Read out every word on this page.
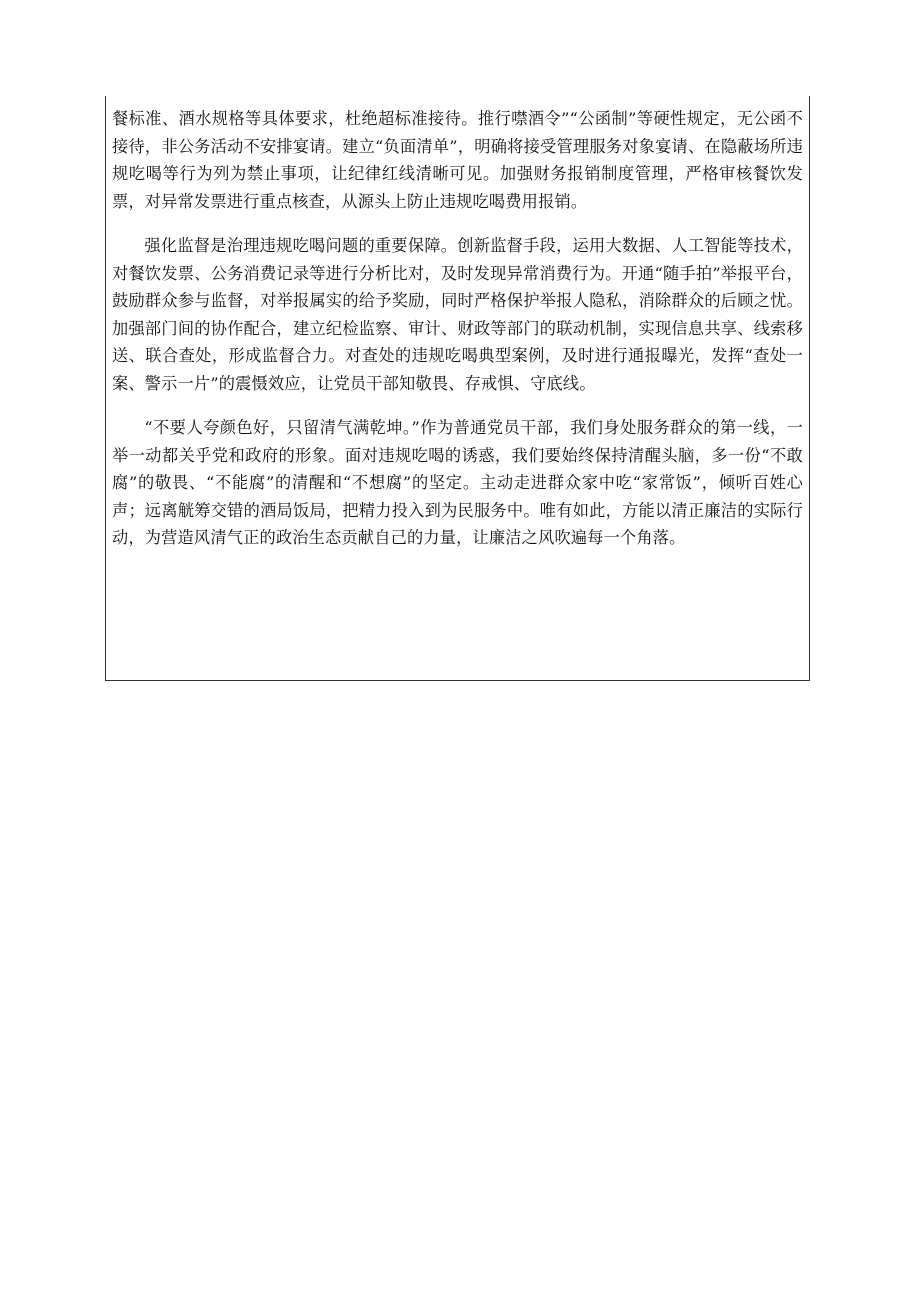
餐标准、酒水规格等具体要求，杜绝超标准接待。推行噤酒令”“公函制”等硬性规定，无公函不接待，非公务活动不安排宴请。建立“负面清单”，明确将接受管理服务对象宴请、在隐蔽场所违规吃喝等行为列为禁止事项，让纪律红线清晰可见。加强财务报销制度管理，严格审核餐饮发票，对异常发票进行重点核查，从源头上防止违规吃喝费用报销。

强化监督是治理违规吃喝问题的重要保障。创新监督手段，运用大数据、人工智能等技术，对餐饮发票、公务消费记录等进行分析比对，及时发现异常消费行为。开通“随手拍”举报平台，鼓励群众参与监督，对举报属实的给予奖励，同时严格保护举报人隐私，消除群众的后顾之忧。加强部门间的协作配合，建立纪检监察、审计、财政等部门的联动机制，实现信息共享、线索移送、联合查处，形成监督合力。对查处的违规吃喝典型案例，及时进行通报曝光，发挥“查处一案、警示一片”的震慑效应，让党员干部知敬畏、存戒惧、守底线。

“不要人夸颜色好，只留清气满乾坤。”作为普通党员干部，我们身处服务群众的第一线，一举一动都关乎党和政府的形象。面对违规吃喝的诱惑，我们要始终保持清醒头脑，多一份“不敢腐”的敬畏、“不能腐”的清醒和“不想腐”的坚定。主动走进群众家中吃“家常饭”，倾听百姓心声；远离觥筹交错的酒局饭局，把精力投入到为民服务中。唯有如此，方能以清正廉洁的实际行动，为营造风清气正的政治生态贡献自己的力量，让廉洁之风吹遍每一个角落。
